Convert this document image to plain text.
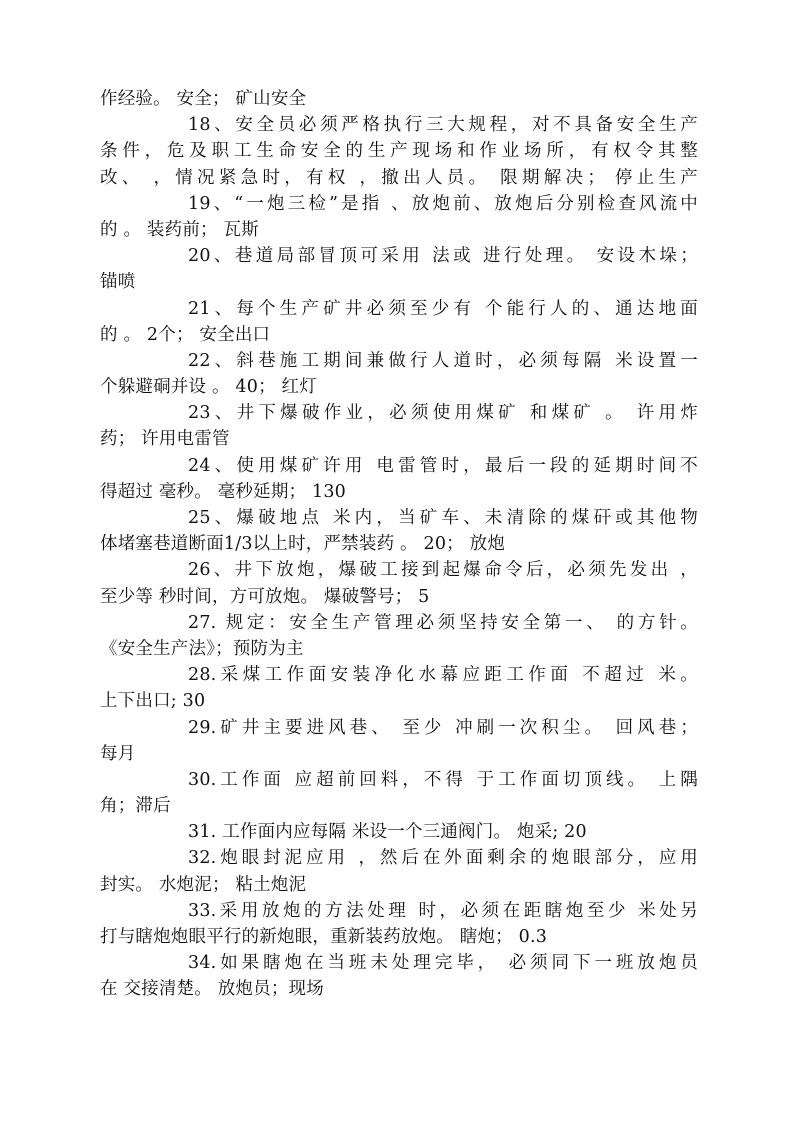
作经验。 安全； 矿山安全
18、安全员必须严格执行三大规程，对不具备安全生产
条件，危及职工生命安全的生产现场和作业场所，有权令其整
改、 ，情况紧急时，有权 ，撤出人员。 限期解决； 停止生产
19、“一炮三检”是指 、放炮前、放炮后分别检查风流中
的 。 装药前； 瓦斯
20、巷道局部冒顶可采用 法或 进行处理。 安设木垛；
锚喷
21、每个生产矿井必须至少有 个能行人的、通达地面
的 。 2个； 安全出口
22、斜巷施工期间兼做行人道时，必须每隔 米设置一
个躲避硐并设 。 40； 红灯
23、井下爆破作业，必须使用煤矿 和煤矿 。 许用炸
药； 许用电雷管
24、使用煤矿许用 电雷管时，最后一段的延期时间不
得超过 毫秒。 毫秒延期； 130
25、爆破地点 米内，当矿车、未清除的煤矸或其他物
体堵塞巷道断面1/3以上时，严禁装药 。 20； 放炮
26、井下放炮，爆破工接到起爆命令后，必须先发出 ，
至少等 秒时间，方可放炮。 爆破警号； 5
27. 规定：安全生产管理必须坚持安全第一、 的方针。
《安全生产法》；预防为主
28.采煤工作面安装净化水幕应距工作面 不超过 米。
上下出口; 30
29.矿井主要进风巷、 至少 冲刷一次积尘。 回风巷；
每月
30.工作面 应超前回料，不得 于工作面切顶线。 上隅
角；滞后
31. 工作面内应每隔 米设一个三通阀门。 炮采; 20
32.炮眼封泥应用 ，然后在外面剩余的炮眼部分，应用
封实。 水炮泥； 粘土炮泥
33.采用放炮的方法处理 时，必须在距瞎炮至少 米处另
打与瞎炮炮眼平行的新炮眼，重新装药放炮。 瞎炮； 0.3
34.如果瞎炮在当班未处理完毕， 必须同下一班放炮员
在 交接清楚。 放炮员；现场
